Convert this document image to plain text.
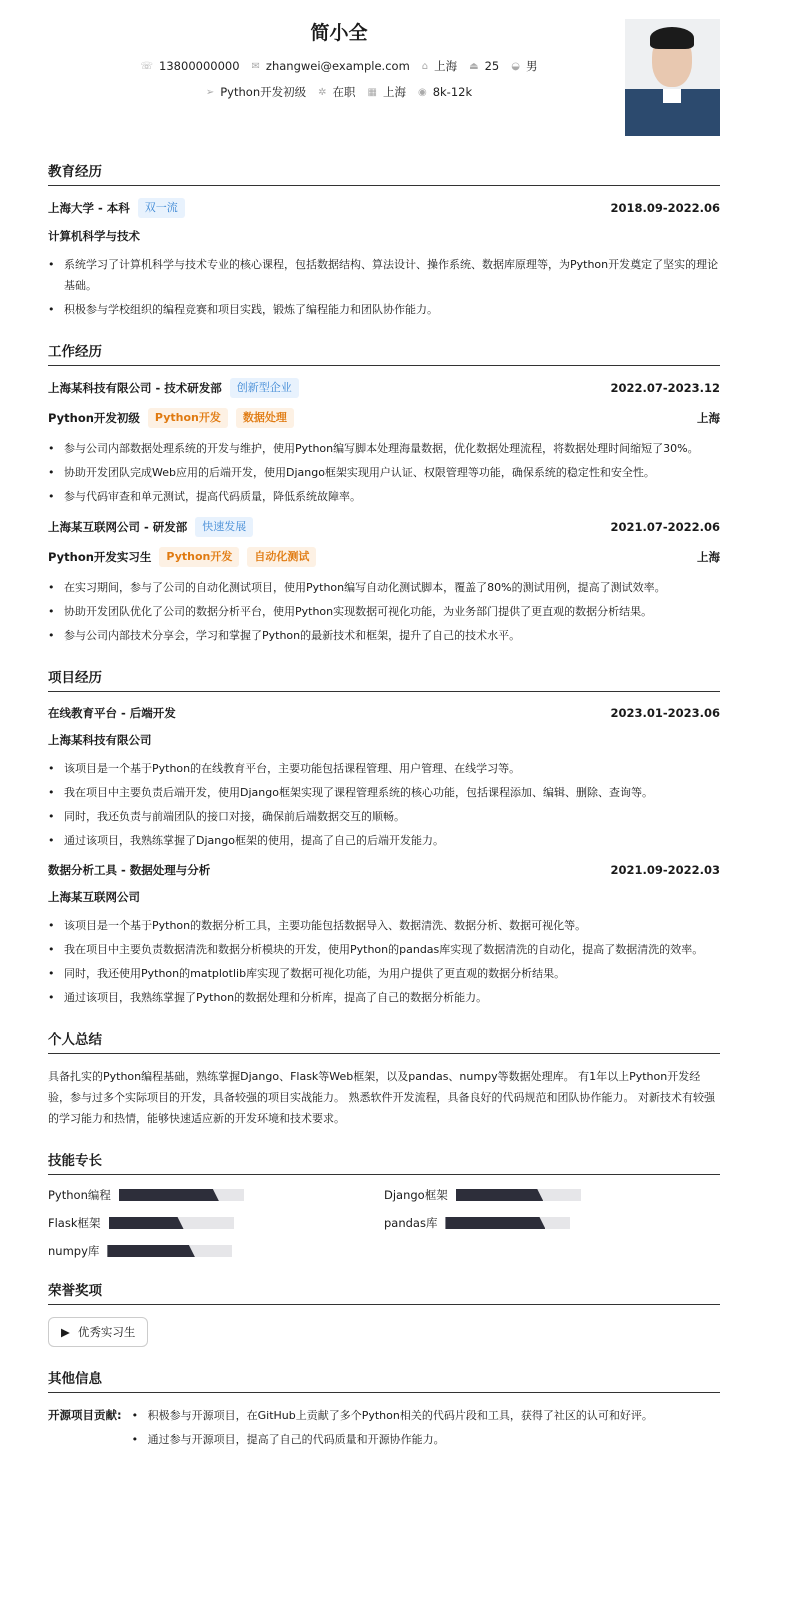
简小全
☏ 13800000000 ✉ zhangwei@example.com ⌂ 上海 ⏏ 25 ◒ 男
➢ Python开发初级 ✲ 在职 ▦ 上海 ◉ 8k-12k
教育经历
上海大学 - 本科	双一流	2018.09-2022.06
计算机科学与技术
• 系统学习了计算机科学与技术专业的核心课程，包括数据结构、算法设计、操作系统、数据库原理等，为Python开发奠定了坚实的理论基础。
• 积极参与学校组织的编程竞赛和项目实践，锻炼了编程能力和团队协作能力。
工作经历
上海某科技有限公司 - 技术研发部	创新型企业	2022.07-2023.12
Python开发初级	Python开发	数据处理	上海
• 参与公司内部数据处理系统的开发与维护，使用Python编写脚本处理海量数据，优化数据处理流程，将数据处理时间缩短了30%。
• 协助开发团队完成Web应用的后端开发，使用Django框架实现用户认证、权限管理等功能，确保系统的稳定性和安全性。
• 参与代码审查和单元测试，提高代码质量，降低系统故障率。
上海某互联网公司 - 研发部	快速发展	2021.07-2022.06
Python开发实习生	Python开发	自动化测试	上海
• 在实习期间，参与了公司的自动化测试项目，使用Python编写自动化测试脚本，覆盖了80%的测试用例，提高了测试效率。
• 协助开发团队优化了公司的数据分析平台，使用Python实现数据可视化功能，为业务部门提供了更直观的数据分析结果。
• 参与公司内部技术分享会，学习和掌握了Python的最新技术和框架，提升了自己的技术水平。
项目经历
在线教育平台 - 后端开发	2023.01-2023.06
上海某科技有限公司
• 该项目是一个基于Python的在线教育平台，主要功能包括课程管理、用户管理、在线学习等。
• 我在项目中主要负责后端开发，使用Django框架实现了课程管理系统的核心功能，包括课程添加、编辑、删除、查询等。
• 同时，我还负责与前端团队的接口对接，确保前后端数据交互的顺畅。
• 通过该项目，我熟练掌握了Django框架的使用，提高了自己的后端开发能力。
数据分析工具 - 数据处理与分析	2021.09-2022.03
上海某互联网公司
• 该项目是一个基于Python的数据分析工具，主要功能包括数据导入、数据清洗、数据分析、数据可视化等。
• 我在项目中主要负责数据清洗和数据分析模块的开发，使用Python的pandas库实现了数据清洗的自动化，提高了数据清洗的效率。
• 同时，我还使用Python的matplotlib库实现了数据可视化功能，为用户提供了更直观的数据分析结果。
• 通过该项目，我熟练掌握了Python的数据处理和分析库，提高了自己的数据分析能力。
个人总结

具备扎实的Python编程基础，熟练掌握Django、Flask等Web框架，以及pandas、numpy等数据处理库。 有1年以上Python开发经验，参与过多个实际项目的开发，具备较强的项目实战能力。 熟悉软件开发流程，具备良好的代码规范和团队协作能力。 对新技术有较强的学习能力和热情，能够快速适应新的开发环境和技术要求。

技能专长
Python编程	Django框架
Flask框架	pandas库
numpy库
荣誉奖项
▶ 优秀实习生
其他信息
开源项目贡献:	• 积极参与开源项目，在GitHub上贡献了多个Python相关的代码片段和工具，获得了社区的认可和好评。
• 通过参与开源项目，提高了自己的代码质量和开源协作能力。
